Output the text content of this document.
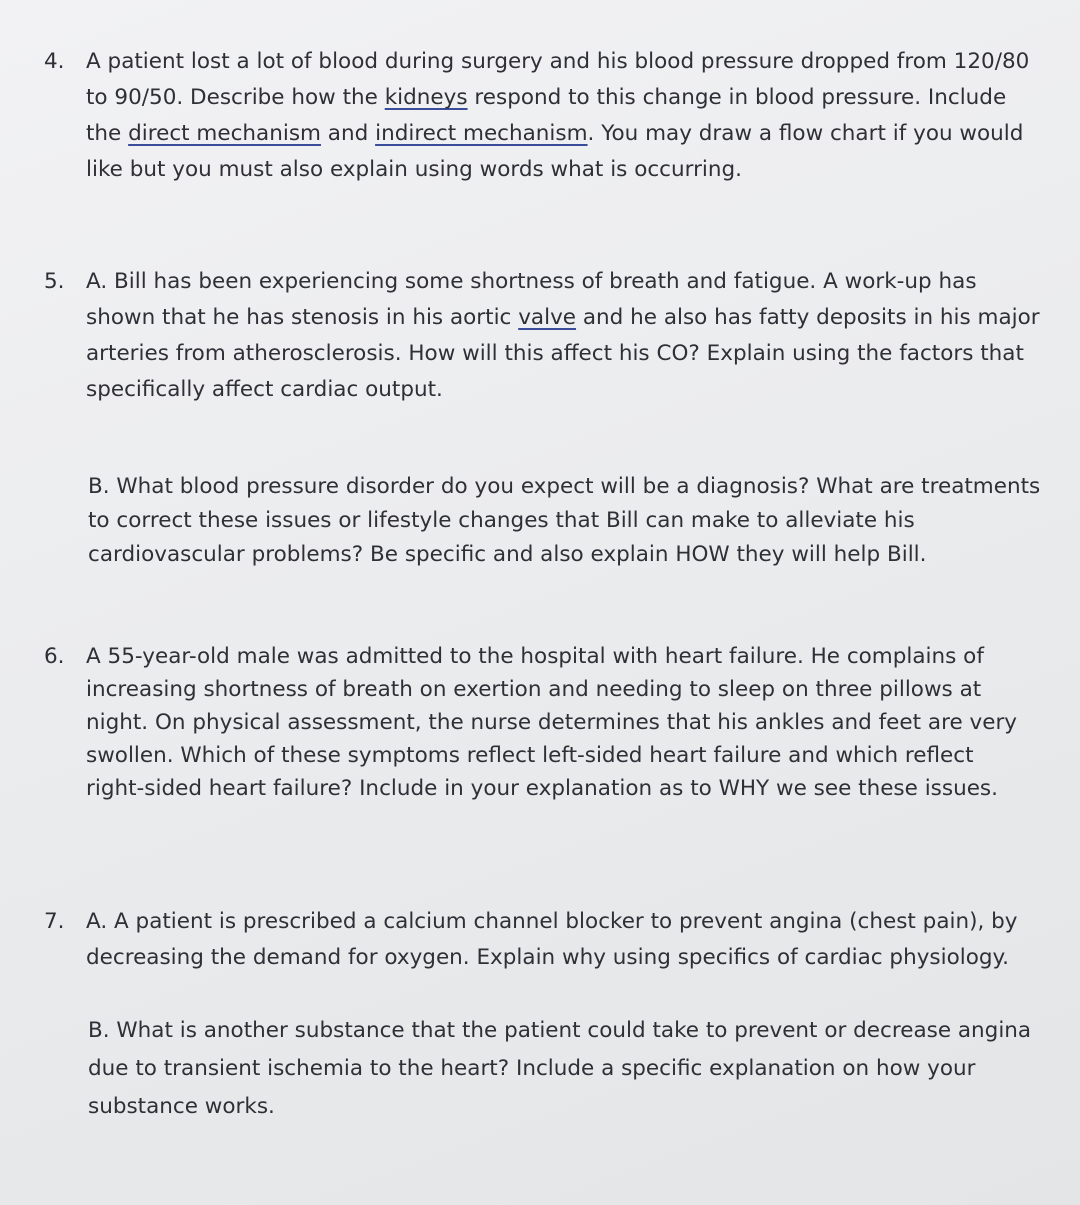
4. A patient lost a lot of blood during surgery and his blood pressure dropped from 120/80
to 90/50. Describe how the kidneys respond to this change in blood pressure. Include
the direct mechanism and indirect mechanism. You may draw a flow chart if you would
like but you must also explain using words what is occurring.
5. A. Bill has been experiencing some shortness of breath and fatigue. A work-up has
shown that he has stenosis in his aortic valve and he also has fatty deposits in his major
arteries from atherosclerosis. How will this affect his CO? Explain using the factors that
specifically affect cardiac output.
B. What blood pressure disorder do you expect will be a diagnosis? What are treatments
to correct these issues or lifestyle changes that Bill can make to alleviate his
cardiovascular problems? Be specific and also explain HOW they will help Bill.
6. A 55-year-old male was admitted to the hospital with heart failure. He complains of
increasing shortness of breath on exertion and needing to sleep on three pillows at
night. On physical assessment, the nurse determines that his ankles and feet are very
swollen. Which of these symptoms reflect left-sided heart failure and which reflect
right-sided heart failure? Include in your explanation as to WHY we see these issues.
7. A. A patient is prescribed a calcium channel blocker to prevent angina (chest pain), by
decreasing the demand for oxygen. Explain why using specifics of cardiac physiology.
B. What is another substance that the patient could take to prevent or decrease angina
due to transient ischemia to the heart? Include a specific explanation on how your
substance works.
